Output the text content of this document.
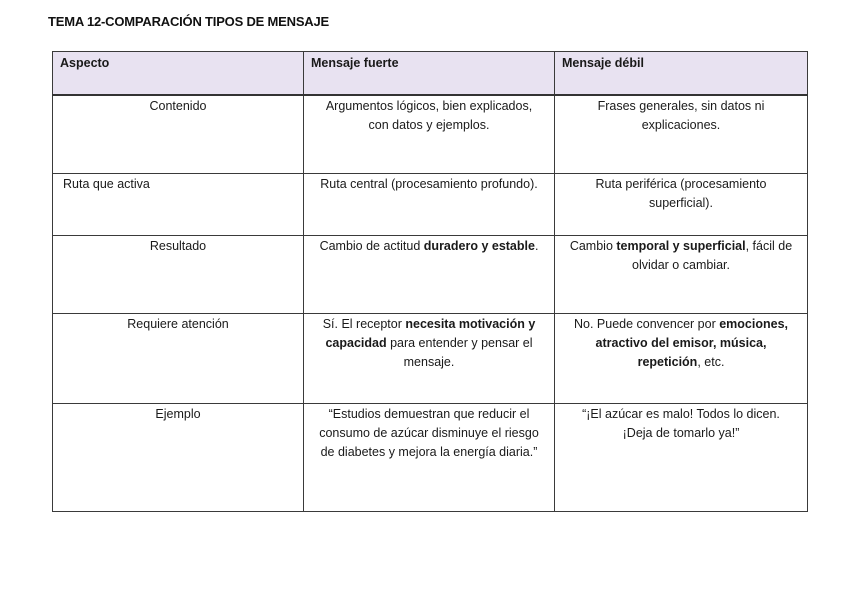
TEMA 12-COMPARACIÓN TIPOS DE MENSAJE
Aspecto	Mensaje fuerte	Mensaje débil
Contenido	Argumentos lógicos, bien explicados, con datos y ejemplos.	Frases generales, sin datos ni explicaciones.
Ruta que activa	Ruta central (procesamiento profundo).	Ruta periférica (procesamiento superficial).
Resultado	Cambio de actitud duradero y estable.	Cambio temporal y superficial, fácil de olvidar o cambiar.
Requiere atención	Sí. El receptor necesita motivación y capacidad para entender y pensar el mensaje.	No. Puede convencer por emociones, atractivo del emisor, música, repetición, etc.
Ejemplo	“Estudios demuestran que reducir el consumo de azúcar disminuye el riesgo de diabetes y mejora la energía diaria.”	“¡El azúcar es malo! Todos lo dicen. ¡Deja de tomarlo ya!”
